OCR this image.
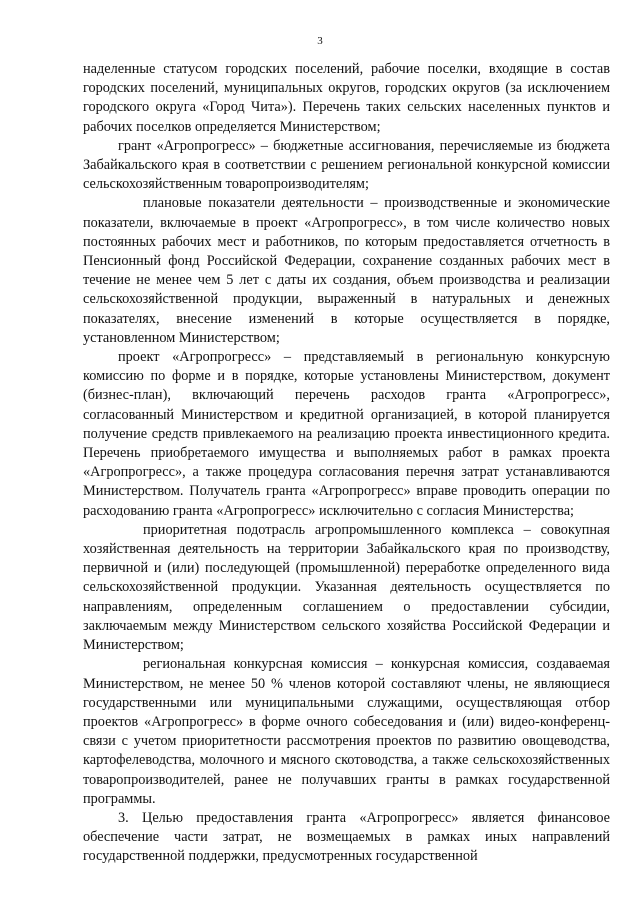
3

наделенные статусом городских поселений, рабочие поселки, входящие в состав городских поселений, муниципальных округов, городских округов (за исключением городского округа «Город Чита»). Перечень таких сельских населенных пунктов и рабочих поселков определяется Министерством;

грант «Агропрогресс» – бюджетные ассигнования, перечисляемые из бюджета Забайкальского края в соответствии с решением региональной конкурсной комиссии сельскохозяйственным товаропроизводителям;

плановые показатели деятельности – производственные и экономические показатели, включаемые в проект «Агропрогресс», в том числе количество новых постоянных рабочих мест и работников, по которым предоставляется отчетность в Пенсионный фонд Российской Федерации, сохранение созданных рабочих мест в течение не менее чем 5 лет с даты их создания, объем производства и реализации сельскохозяйственной продукции, выраженный в натуральных и денежных показателях, внесение изменений в которые осуществляется в порядке, установленном Министерством;

проект «Агропрогресс» – представляемый в региональную конкурсную комиссию по форме и в порядке, которые установлены Министерством, документ (бизнес-план), включающий перечень расходов гранта «Агропрогресс», согласованный Министерством и кредитной организацией, в которой планируется получение средств привлекаемого на реализацию проекта инвестиционного кредита. Перечень приобретаемого имущества и выполняемых работ в рамках проекта «Агропрогресс», а также процедура согласования перечня затрат устанавливаются Министерством. Получатель гранта «Агропрогресс» вправе проводить операции по расходованию гранта «Агропрогресс» исключительно с согласия Министерства;

приоритетная подотрасль агропромышленного комплекса – совокупная хозяйственная деятельность на территории Забайкальского края по производству, первичной и (или) последующей (промышленной) переработке определенного вида сельскохозяйственной продукции. Указанная деятельность осуществляется по направлениям, определенным соглашением о предоставлении субсидии, заключаемым между Министерством сельского хозяйства Российской Федерации и Министерством;

региональная конкурсная комиссия – конкурсная комиссия, создаваемая Министерством, не менее 50 % членов которой составляют члены, не являющиеся государственными или муниципальными служащими, осуществляющая отбор проектов «Агропрогресс» в форме очного собеседования и (или) видео-конференц-связи с учетом приоритетности рассмотрения проектов по развитию овощеводства, картофелеводства, молочного и мясного скотоводства, а также сельскохозяйственных товаропроизводителей, ранее не получавших гранты в рамках государственной программы.

3. Целью предоставления гранта «Агропрогресс» является финансовое обеспечение части затрат, не возмещаемых в рамках иных направлений государственной поддержки, предусмотренных государственной
